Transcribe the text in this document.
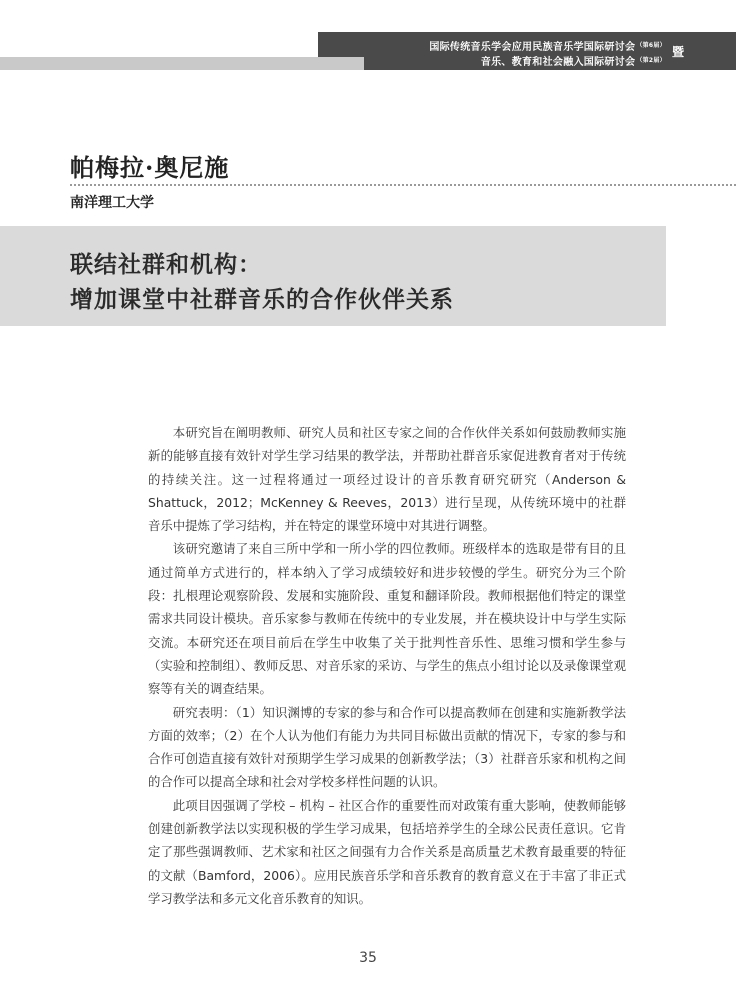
国际传统音乐学会应用民族音乐学国际研讨会$^{(第6届)}$
音乐、教育和社会融入国际研讨会$^{(第2届)}$
暨
帕梅拉·奥尼施
南洋理工大学
联结社群和机构：
增加课堂中社群音乐的合作伙伴关系

本研究旨在阐明教师、研究人员和社区专家之间的合作伙伴关系如何鼓励教师实施新的能够直接有效针对学生学习结果的教学法，并帮助社群音乐家促进教育者对于传统的持续关注。这一过程将通过一项经过设计的音乐教育研究研究（Anderson & Shattuck，2012；McKenney & Reeves，2013）进行呈现，从传统环境中的社群音乐中提炼了学习结构，并在特定的课堂环境中对其进行调整。

该研究邀请了来自三所中学和一所小学的四位教师。班级样本的选取是带有目的且通过简单方式进行的，样本纳入了学习成绩较好和进步较慢的学生。研究分为三个阶段：扎根理论观察阶段、发展和实施阶段、重复和翻译阶段。教师根据他们特定的课堂需求共同设计模块。音乐家参与教师在传统中的专业发展，并在模块设计中与学生实际交流。本研究还在项目前后在学生中收集了关于批判性音乐性、思维习惯和学生参与（实验和控制组）、教师反思、对音乐家的采访、与学生的焦点小组讨论以及录像课堂观察等有关的调查结果。

研究表明：（1）知识渊博的专家的参与和合作可以提高教师在创建和实施新教学法方面的效率；（2）在个人认为他们有能力为共同目标做出贡献的情况下，专家的参与和合作可创造直接有效针对预期学生学习成果的创新教学法；（3）社群音乐家和机构之间的合作可以提高全球和社会对学校多样性问题的认识。

此项目因强调了学校 – 机构 – 社区合作的重要性而对政策有重大影响，使教师能够创建创新教学法以实现积极的学生学习成果，包括培养学生的全球公民责任意识。它肯定了那些强调教师、艺术家和社区之间强有力合作关系是高质量艺术教育最重要的特征的文献（Bamford，2006）。应用民族音乐学和音乐教育的教育意义在于丰富了非正式学习教学法和多元文化音乐教育的知识。

35
